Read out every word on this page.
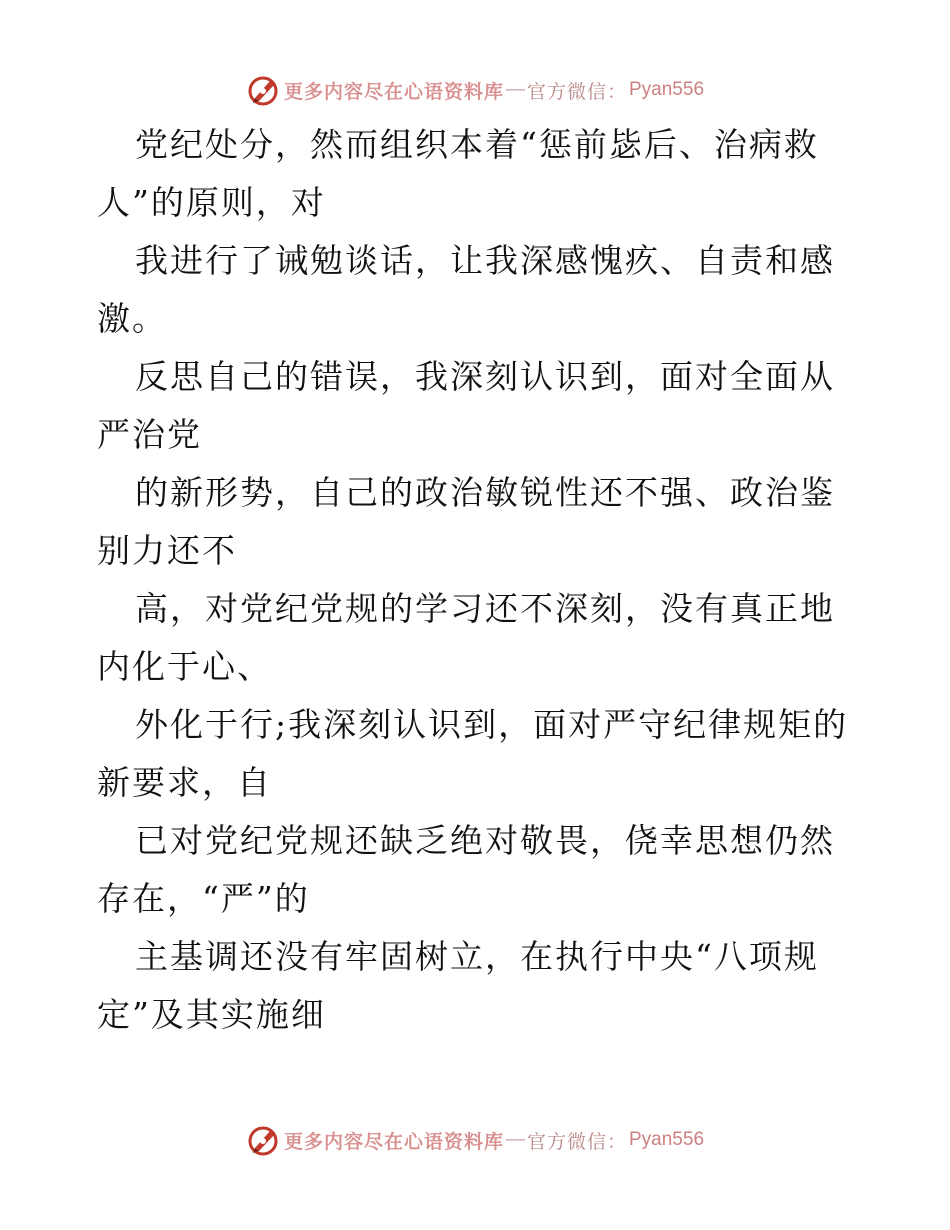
更多内容尽在心语资料库 — 官方微信： Pyan556

党纪处分，然而组织本着“惩前毖后、治病救人”的原则，对

我进行了诫勉谈话，让我深感愧疚、自责和感激。

反思自己的错误，我深刻认识到，面对全面从严治党

的新形势，自己的政治敏锐性还不强、政治鉴别力还不

高，对党纪党规的学习还不深刻，没有真正地内化于心、

外化于行;我深刻认识到，面对严守纪律规矩的新要求，自

已对党纪党规还缺乏绝对敬畏，侥幸思想仍然存在，“严”的

主基调还没有牢固树立，在执行中央“八项规定”及其实施细

更多内容尽在心语资料库 — 官方微信： Pyan556
